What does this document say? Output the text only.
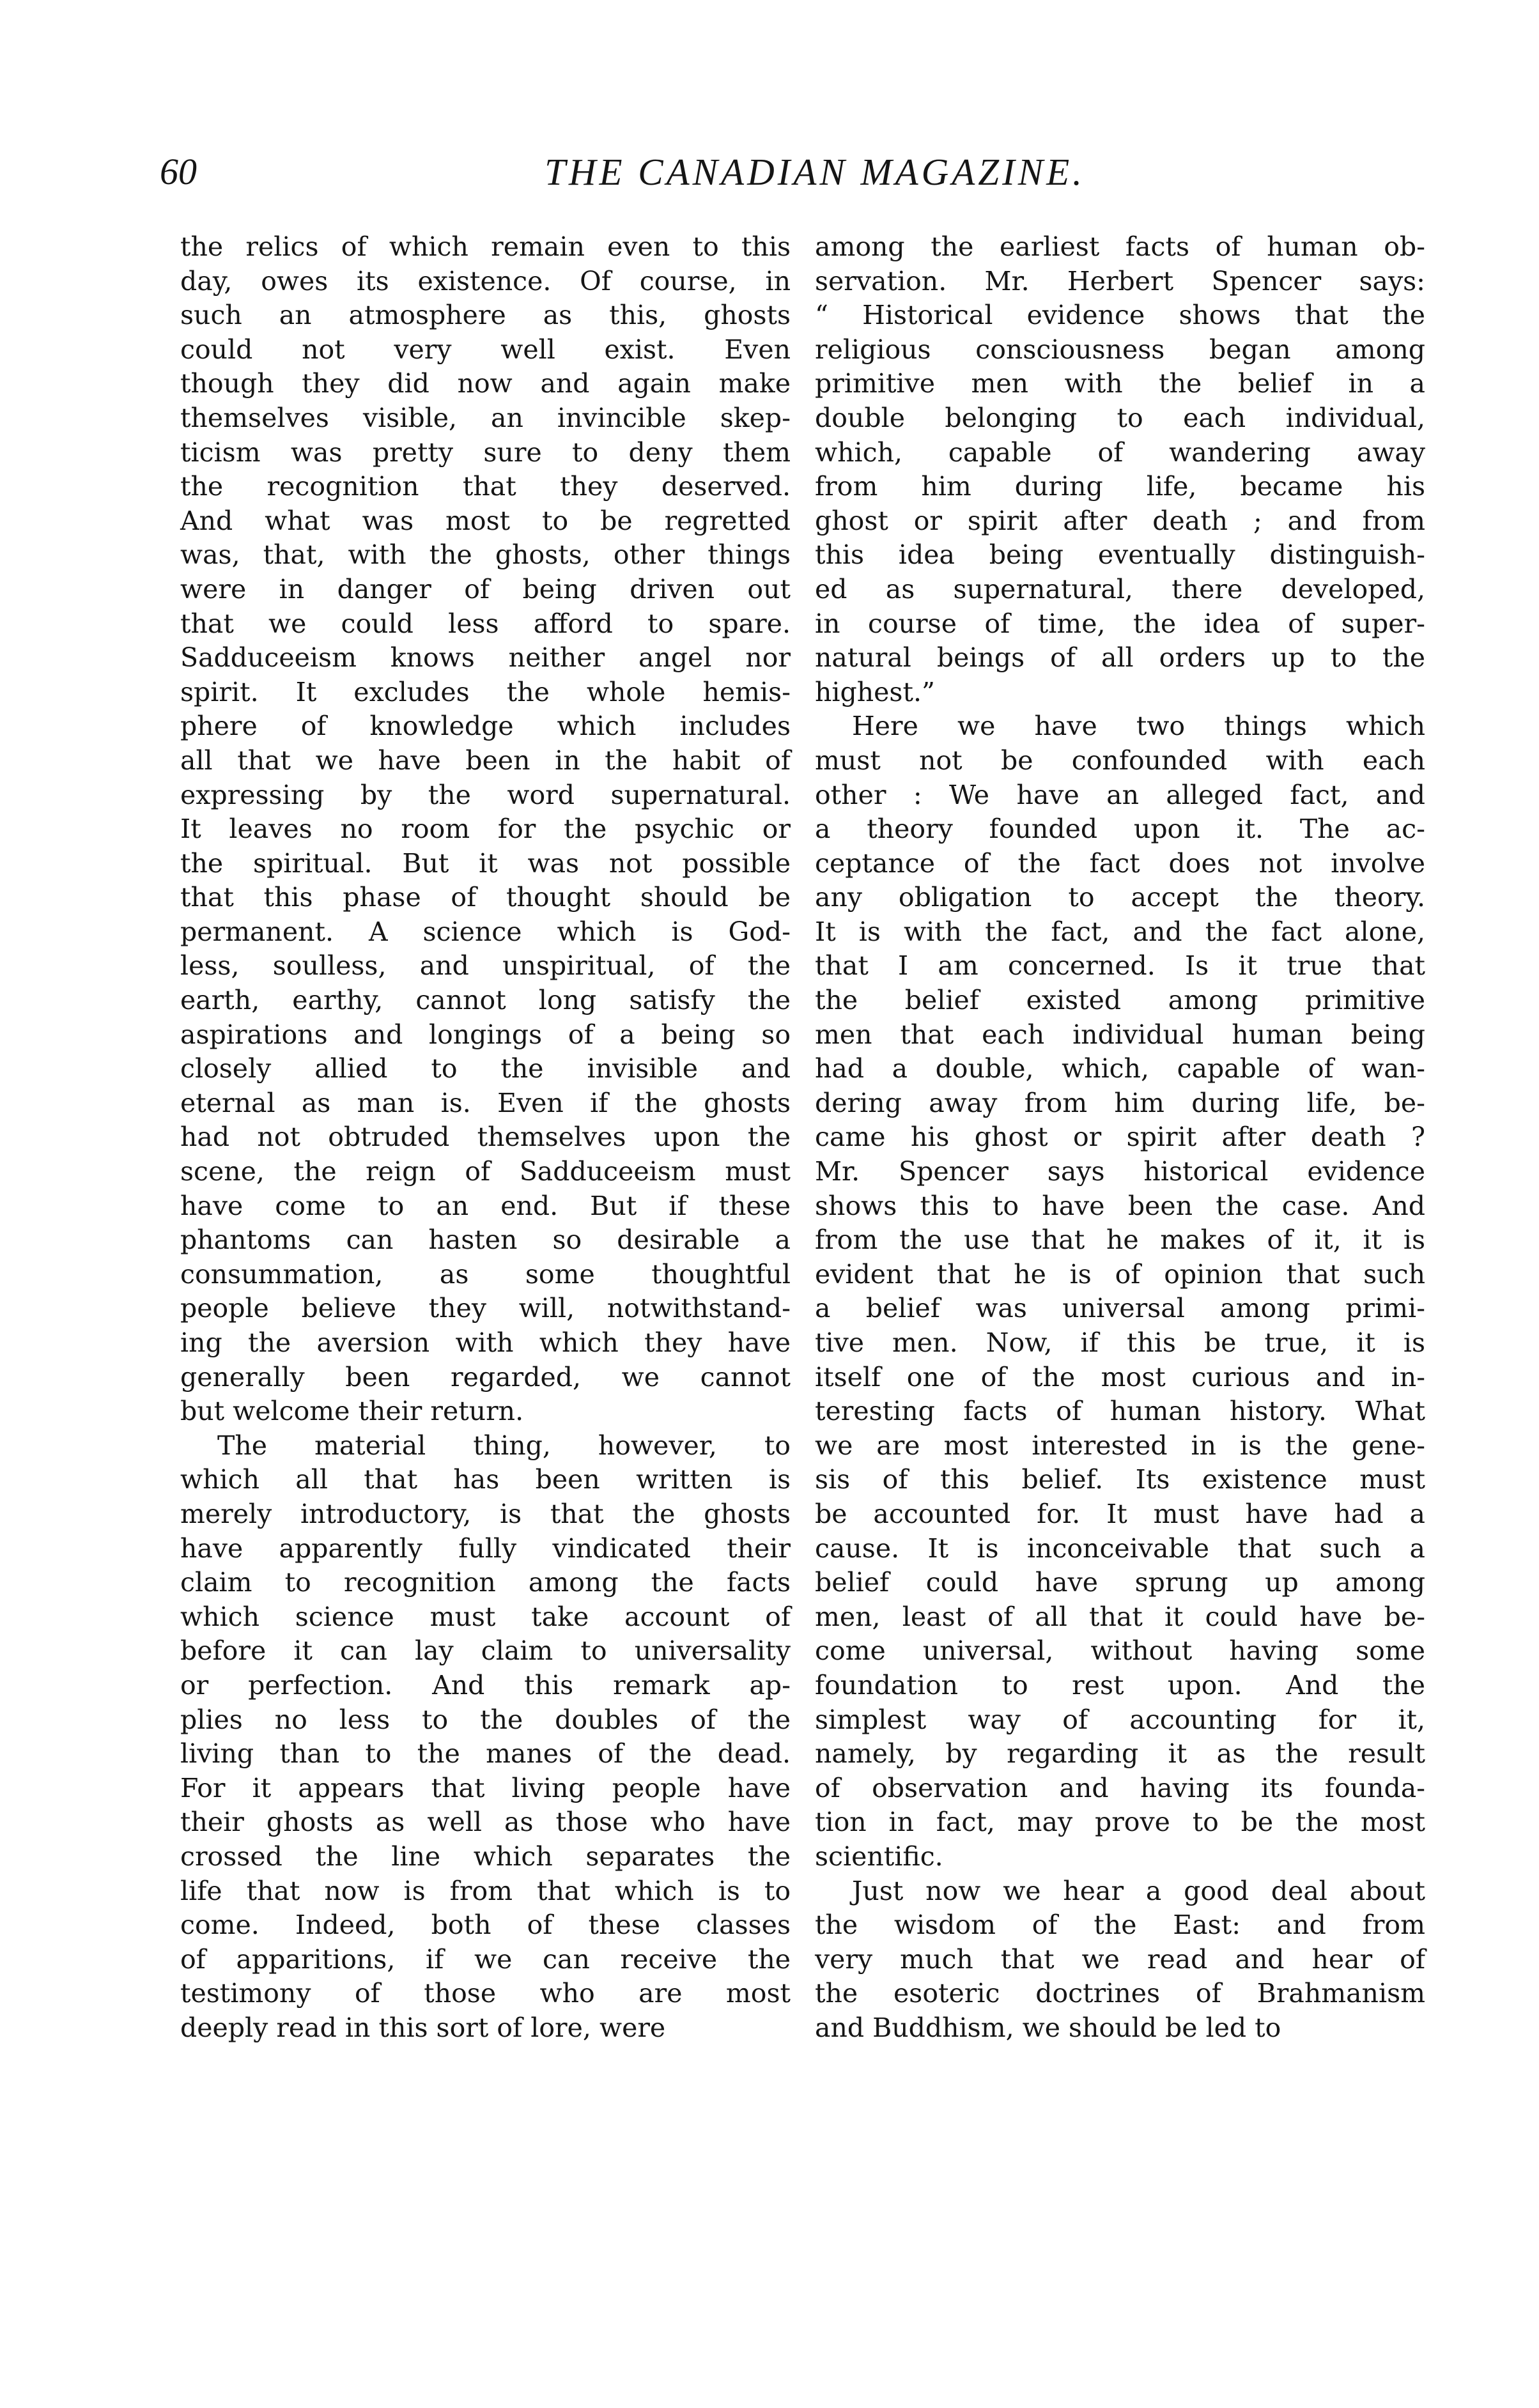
60	THE CANADIAN MAGAZINE.
the relics of which remain even to this
day, owes its existence. Of course, in
such an atmosphere as this, ghosts
could not very well exist. Even
though they did now and again make
themselves visible, an invincible skep-
ticism was pretty sure to deny them
the recognition that they deserved.
And what was most to be regretted
was, that, with the ghosts, other things
were in danger of being driven out
that we could less afford to spare.
Sadduceeism knows neither angel nor
spirit. It excludes the whole hemis-
phere of knowledge which includes
all that we have been in the habit of
expressing by the word supernatural.
It leaves no room for the psychic or
the spiritual. But it was not possible
that this phase of thought should be
permanent. A science which is God-
less, soulless, and unspiritual, of the
earth, earthy, cannot long satisfy the
aspirations and longings of a being so
closely allied to the invisible and
eternal as man is. Even if the ghosts
had not obtruded themselves upon the
scene, the reign of Sadduceeism must
have come to an end. But if these
phantoms can hasten so desirable a
consummation, as some thoughtful
people believe they will, notwithstand-
ing the aversion with which they have
generally been regarded, we cannot
but welcome their return.
The material thing, however, to
which all that has been written is
merely introductory, is that the ghosts
have apparently fully vindicated their
claim to recognition among the facts
which science must take account of
before it can lay claim to universality
or perfection. And this remark ap-
plies no less to the doubles of the
living than to the manes of the dead.
For it appears that living people have
their ghosts as well as those who have
crossed the line which separates the
life that now is from that which is to
come. Indeed, both of these classes
of apparitions, if we can receive the
testimony of those who are most
deeply read in this sort of lore, were
among the earliest facts of human ob-
servation. Mr. Herbert Spencer says:
“ Historical evidence shows that the
religious consciousness began among
primitive men with the belief in a
double belonging to each individual,
which, capable of wandering away
from him during life, became his
ghost or spirit after death ; and from
this idea being eventually distinguish-
ed as supernatural, there developed,
in course of time, the idea of super-
natural beings of all orders up to the
highest.”
Here we have two things which
must not be confounded with each
other : We have an alleged fact, and
a theory founded upon it. The ac-
ceptance of the fact does not involve
any obligation to accept the theory.
It is with the fact, and the fact alone,
that I am concerned. Is it true that
the belief existed among primitive
men that each individual human being
had a double, which, capable of wan-
dering away from him during life, be-
came his ghost or spirit after death ?
Mr. Spencer says historical evidence
shows this to have been the case. And
from the use that he makes of it, it is
evident that he is of opinion that such
a belief was universal among primi-
tive men. Now, if this be true, it is
itself one of the most curious and in-
teresting facts of human history. What
we are most interested in is the gene-
sis of this belief. Its existence must
be accounted for. It must have had a
cause. It is inconceivable that such a
belief could have sprung up among
men, least of all that it could have be-
come universal, without having some
foundation to rest upon. And the
simplest way of accounting for it,
namely, by regarding it as the result
of observation and having its founda-
tion in fact, may prove to be the most
scientific.
Just now we hear a good deal about
the wisdom of the East: and from
very much that we read and hear of
the esoteric doctrines of Brahmanism
and Buddhism, we should be led to
